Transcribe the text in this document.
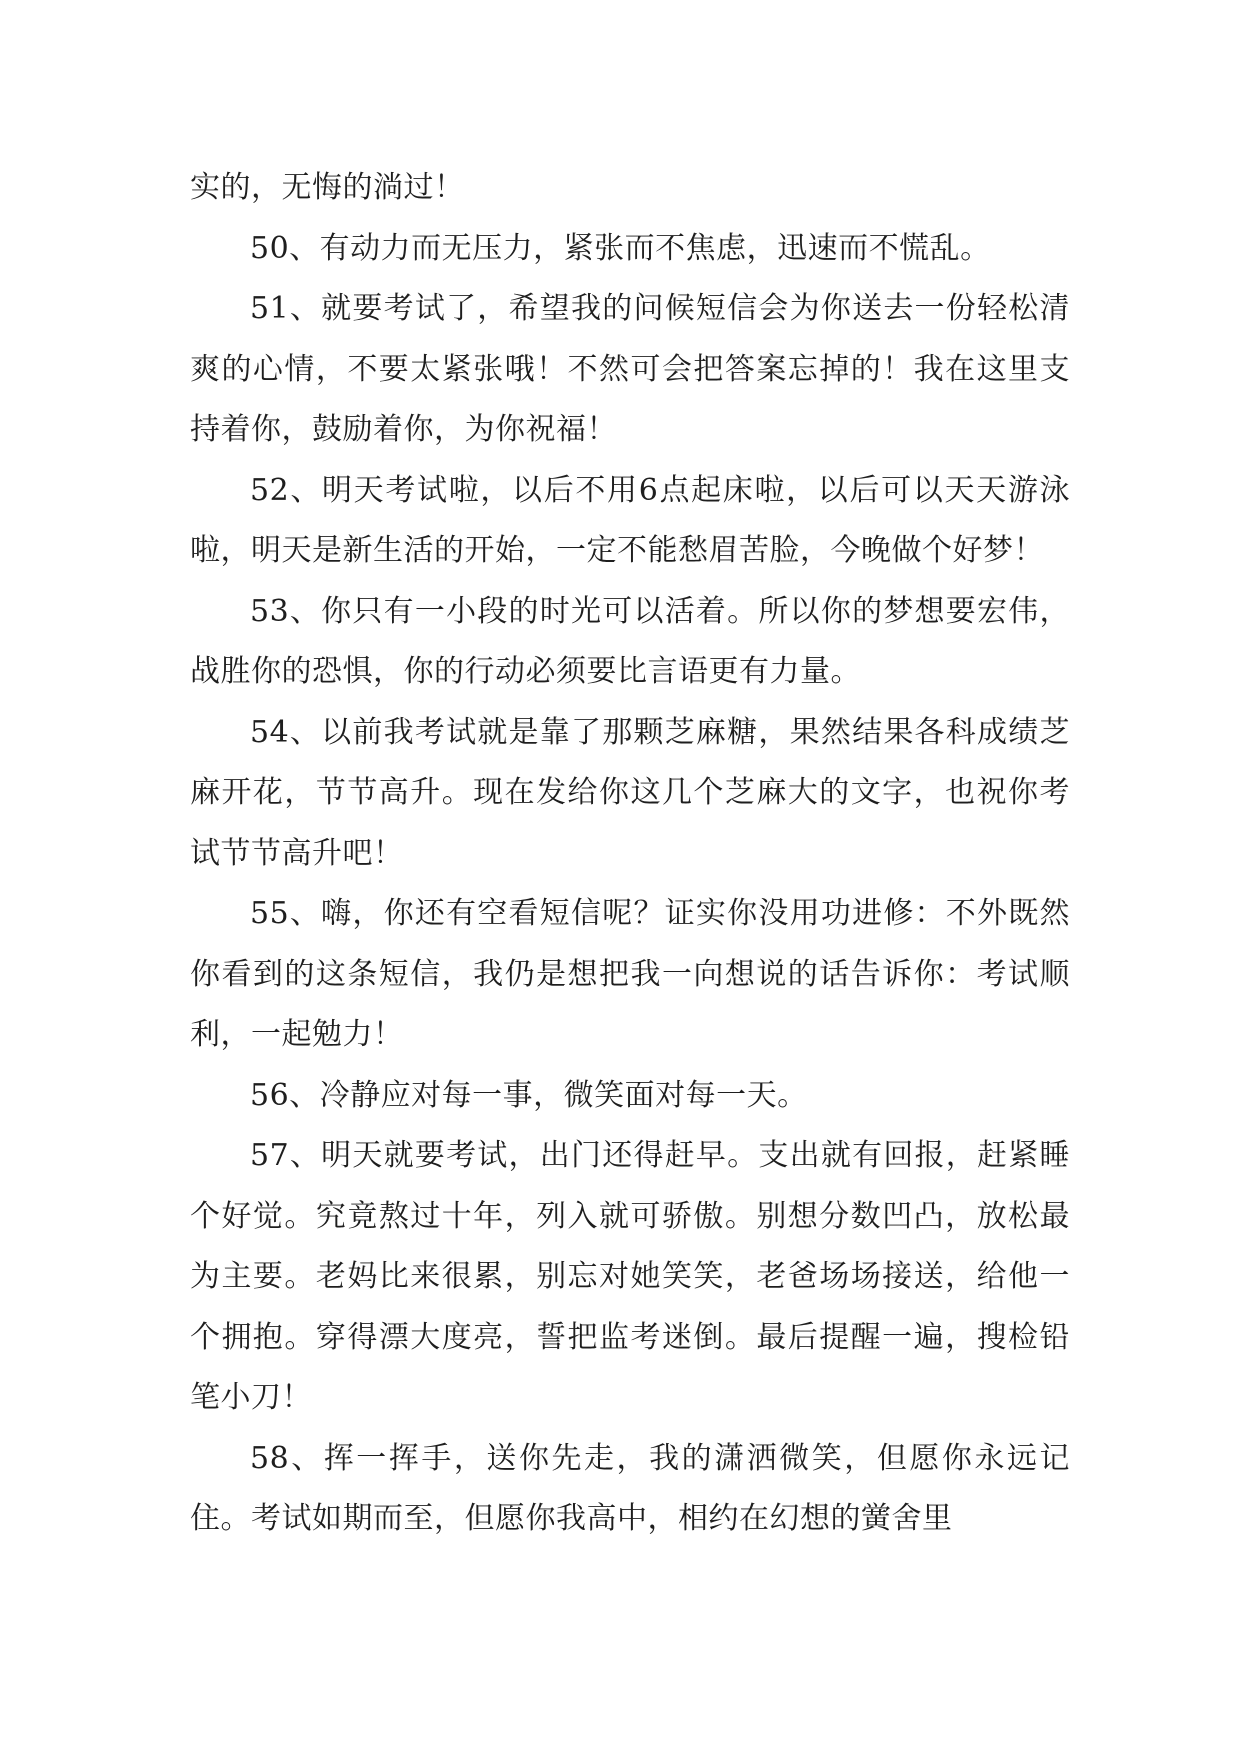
实的，无悔的淌过！

50、有动力而无压力，紧张而不焦虑，迅速而不慌乱。

51、就要考试了，希望我的问候短信会为你送去一份轻松清爽的心情，不要太紧张哦！不然可会把答案忘掉的！我在这里支持着你，鼓励着你，为你祝福！

52、明天考试啦，以后不用6点起床啦，以后可以天天游泳啦，明天是新生活的开始，一定不能愁眉苦脸，今晚做个好梦！

53、你只有一小段的时光可以活着。所以你的梦想要宏伟，战胜你的恐惧，你的行动必须要比言语更有力量。

54、以前我考试就是靠了那颗芝麻糖，果然结果各科成绩芝麻开花，节节高升。现在发给你这几个芝麻大的文字，也祝你考试节节高升吧！

55、嗨，你还有空看短信呢？证实你没用功进修：不外既然你看到的这条短信，我仍是想把我一向想说的话告诉你：考试顺利，一起勉力！

56、冷静应对每一事，微笑面对每一天。

57、明天就要考试，出门还得赶早。支出就有回报，赶紧睡个好觉。究竟熬过十年，列入就可骄傲。别想分数凹凸，放松最为主要。老妈比来很累，别忘对她笑笑，老爸场场接送，给他一个拥抱。穿得漂大度亮，誓把监考迷倒。最后提醒一遍，搜检铅笔小刀！

58、挥一挥手，送你先走，我的潇洒微笑，但愿你永远记住。考试如期而至，但愿你我高中，相约在幻想的黉舍里
